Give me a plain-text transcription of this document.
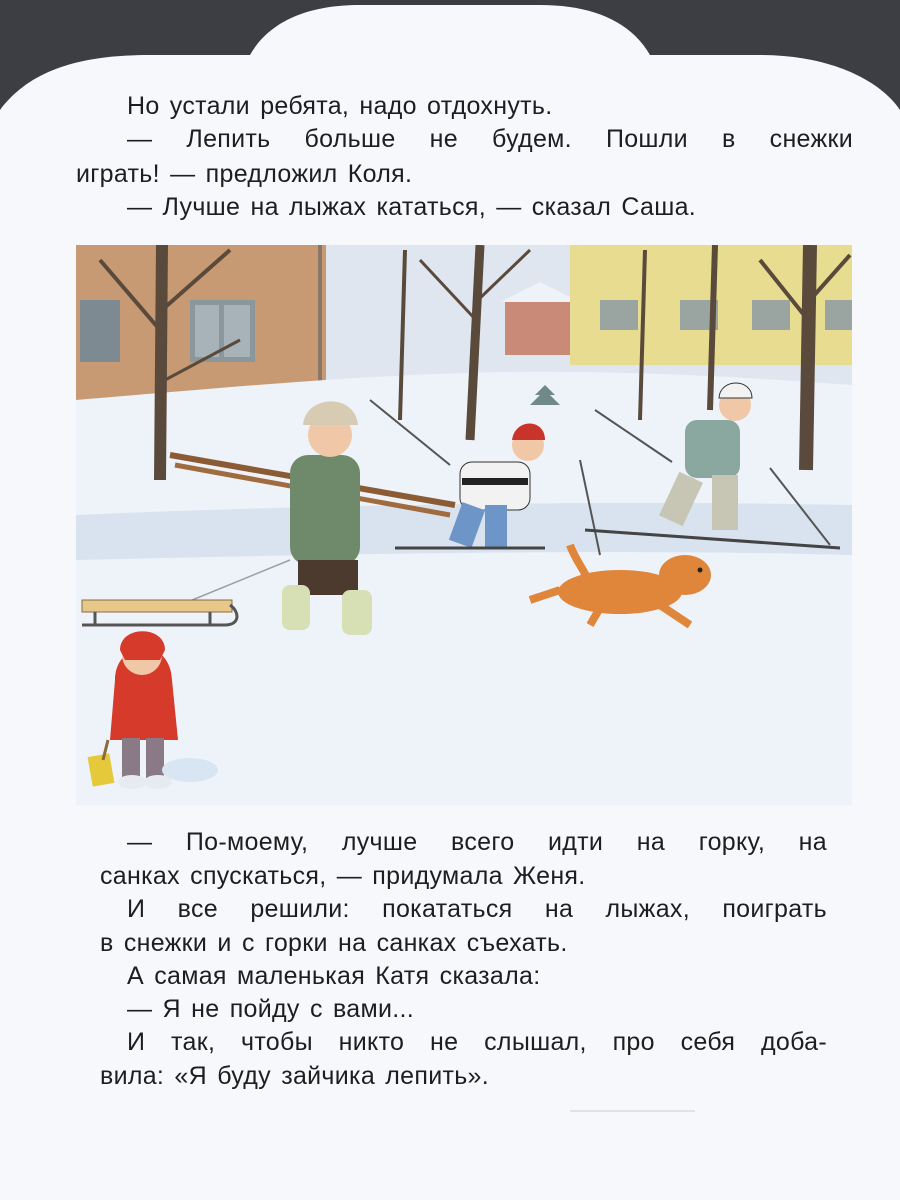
Но устали ребята, надо отдохнуть.
— Лепить больше не будем. Пошли в снежки
играть! — предложил Коля.
— Лучше на лыжах кататься, — сказал Саша.
— По-моему, лучше всего идти на горку, на
санках спускаться, — придумала Женя.
И все решили: покататься на лыжах, поиграть
в снежки и с горки на санках съехать.
А самая маленькая Катя сказала:
— Я не пойду с вами...
И так, чтобы никто не слышал, про себя доба-
вила: «Я буду зайчика лепить».
